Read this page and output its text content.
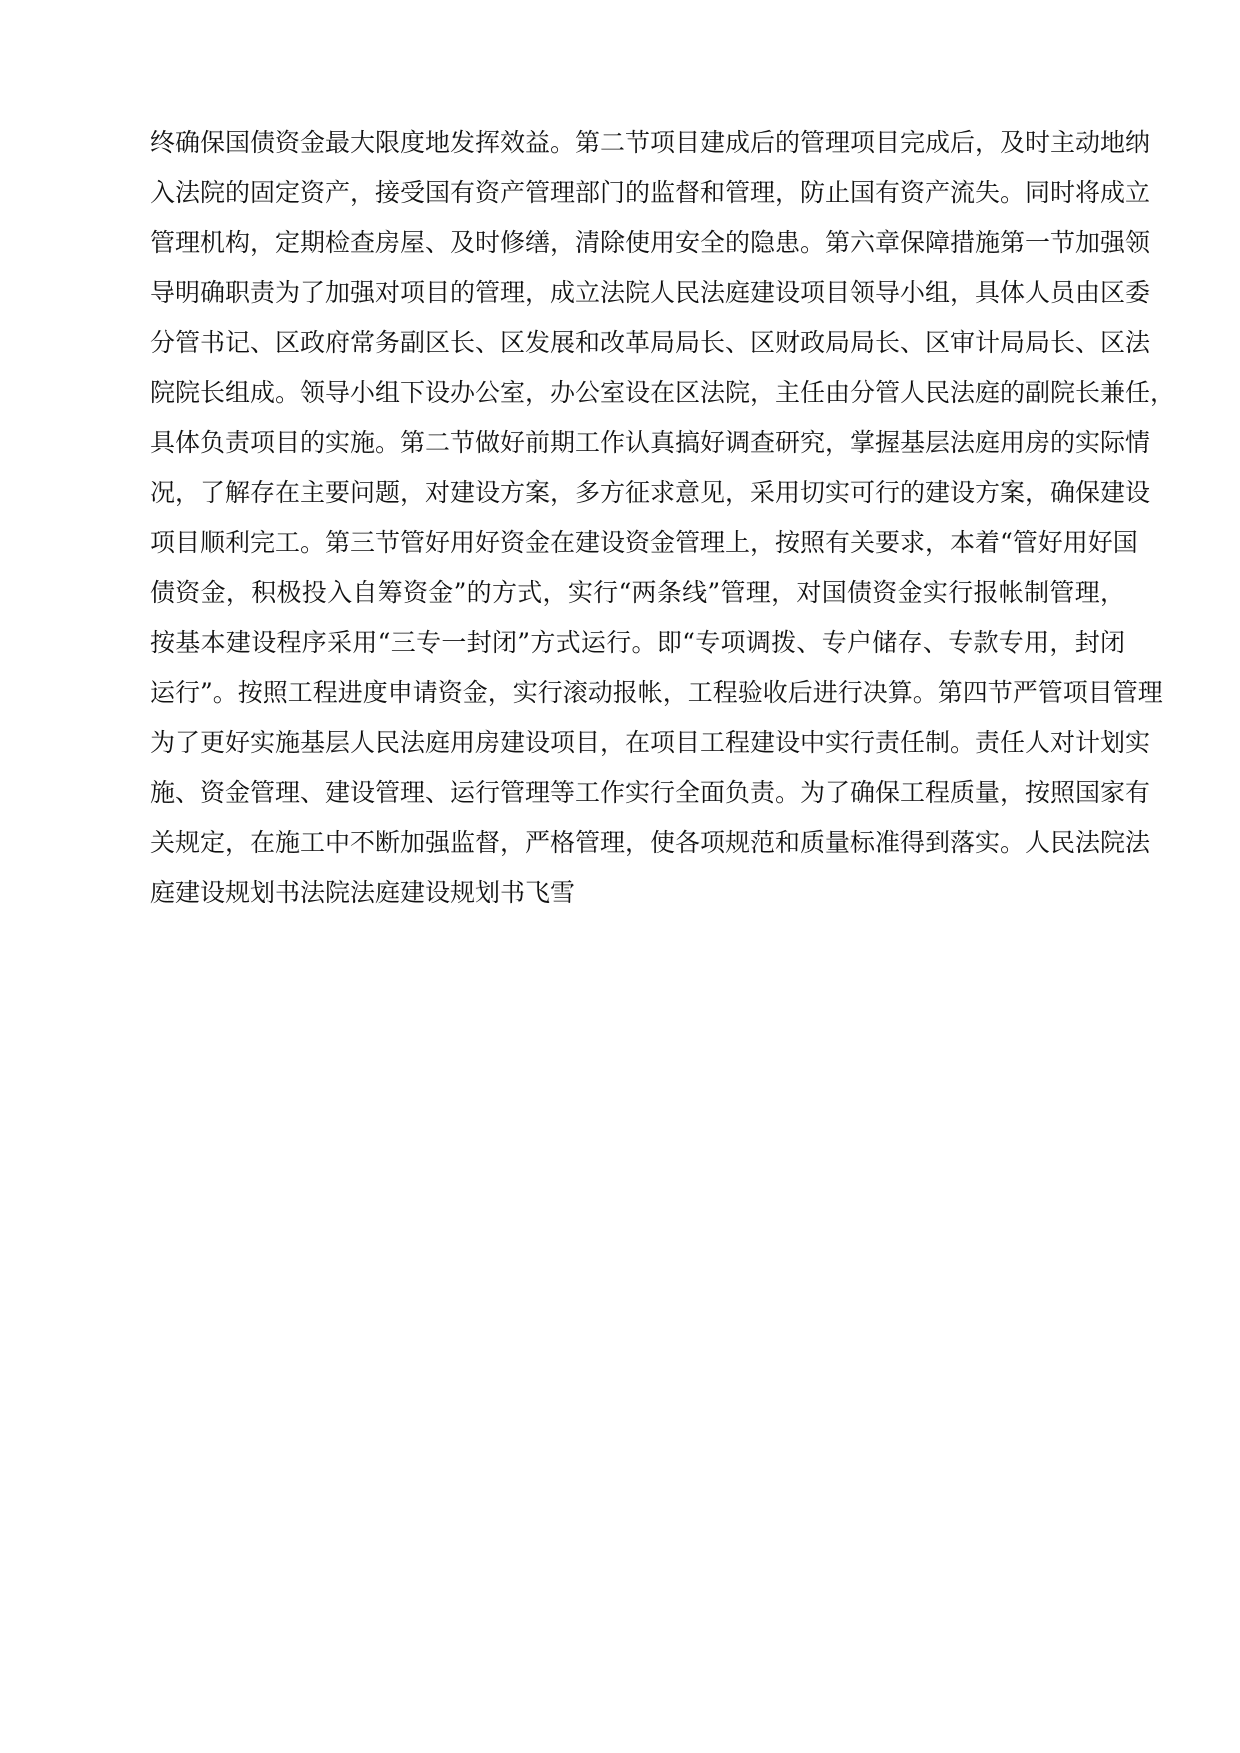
终确保国债资金最大限度地发挥效益。第二节项目建成后的管理项目完成后，及时主动地纳
入法院的固定资产，接受国有资产管理部门的监督和管理，防止国有资产流失。同时将成立
管理机构，定期检查房屋、及时修缮，清除使用安全的隐患。第六章保障措施第一节加强领
导明确职责为了加强对项目的管理，成立法院人民法庭建设项目领导小组，具体人员由区委
分管书记、区政府常务副区长、区发展和改革局局长、区财政局局长、区审计局局长、区法
院院长组成。领导小组下设办公室，办公室设在区法院，主任由分管人民法庭的副院长兼任，
具体负责项目的实施。第二节做好前期工作认真搞好调查研究，掌握基层法庭用房的实际情
况，了解存在主要问题，对建设方案，多方征求意见，采用切实可行的建设方案，确保建设
项目顺利完工。第三节管好用好资金在建设资金管理上，按照有关要求，本着“管好用好国
债资金，积极投入自筹资金”的方式，实行“两条线”管理，对国债资金实行报帐制管理，
按基本建设程序采用“三专一封闭”方式运行。即“专项调拨、专户储存、专款专用，封闭
运行”。按照工程进度申请资金，实行滚动报帐，工程验收后进行决算。第四节严管项目管理
为了更好实施基层人民法庭用房建设项目，在项目工程建设中实行责任制。责任人对计划实
施、资金管理、建设管理、运行管理等工作实行全面负责。为了确保工程质量，按照国家有
关规定，在施工中不断加强监督，严格管理，使各项规范和质量标准得到落实。人民法院法
庭建设规划书法院法庭建设规划书飞雪
